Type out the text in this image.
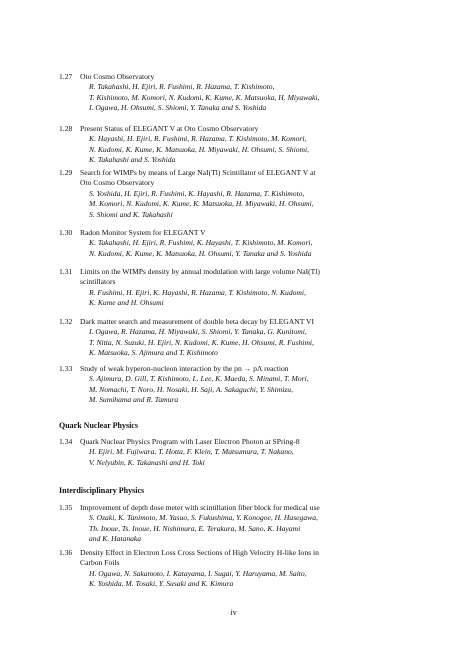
1.27	Oto Cosmo Observatory
R. Takahashi, H. Ejiri, R. Fushimi, R. Hazama, T. Kishimoto,
T. Kishimoto, M. Komori, N. Kudomi, K. Kume, K. Matsuoka, H. Miyawaki,
I. Ogawa, H. Ohsumi, S. Shiomi, Y. Tanaka and S. Yoshida
1.28	Present Status of ELEGANT V at Oto Cosmo Observatory
K. Hayashi, H. Ejiri, R. Fushimi, R. Hazama, T. Kishimoto, M. Komori,
N. Kudomi, K. Kume, K. Matsuoka, H. Miyawaki, H. Ohsumi, S. Shiomi,
K. Takahashi and S. Yoshida
1.29	Search for WIMPs by means of Large NaI(Tl) Scintillator of ELEGANT V at
Oto Cosmo Observatory
S. Yoshida, H. Ejiri, R. Fushimi, K. Hayashi, R. Hazama, T. Kishimoto,
M. Komori, N. Kudomi, K. Kume, K. Matsuoka, H. Miyawaki, H. Ohsumi,
S. Shiomi and K. Takahashi
1.30	Radon Monitor System for ELEGANT V
K. Takahashi, H. Ejiri, R. Fushimi, K. Hayashi, T. Kishimoto, M. Komori,
N. Kudomi, K. Kume, K. Matsuoka, H. Ohsumi, Y. Tanaka and S. Yoshida
1.31	Limits on the WIMPs density by annual modulation with large volume NaI(Tl)
scintillators
R. Fushimi, H. Ejiri, K. Hayashi, R. Hazama, T. Kishimoto, N. Kudomi,
K. Kume and H. Ohsumi
1.32	Dark matter search and measurement of double beta decay by ELEGANT VI
I. Ogawa, R. Hazama, H. Miyawaki, S. Shiomi, Y. Tanaka, G. Kunitomi,
T. Nitta, N. Suzuki, H. Ejiri, N. Kudomi, K. Kume, H. Ohsumi, R. Fushimi,
K. Matsuoka, S. Ajimura and T. Kishimoto
1.33	Study of weak hyperon-nucleon interaction by the pn → pΛ reaction
S. Ajimura, D. Gill, T. Kishimoto, L. Lee, K. Maeda, S. Minami, T. Mori,
M. Nomachi, T. Noro, H. Nosaki, H. Saji, A. Sakaguchi, Y. Shimizu,
M. Sumihama and R. Tamura
Quark Nuclear Physics
1.34	Quark Nuclear Physics Program with Laser Electron Photon at SPring-8
H. Ejiri, M. Fujiwara, T. Hotta, F. Klein, T. Matsumura, T. Nakano,
V. Nelyubin, K. Takanashi and H. Toki
Interdisciplinary Physics
1.35	Improvement of depth dose meter with scintillation fiber block for medical use
S. Ozaki, K. Tanimoto, M. Yasuo, S. Fukushima, Y. Konogoe, H. Hasegawa,
Th. Inoue, Ts. Inoue, H. Nishimura, E. Terakura, M. Sano, K. Hayami
and K. Hatanaka
1.36	Density Effect in Electron Loss Cross Sections of High Velocity H-like Ions in
Carbon Foils
H. Ogawa, N. Sakamoto, I. Katayama, I. Sugai, Y. Haruyama, M. Saito,
K. Yoshida, M. Tosaki, Y. Susaki and K. Kimura
iv
